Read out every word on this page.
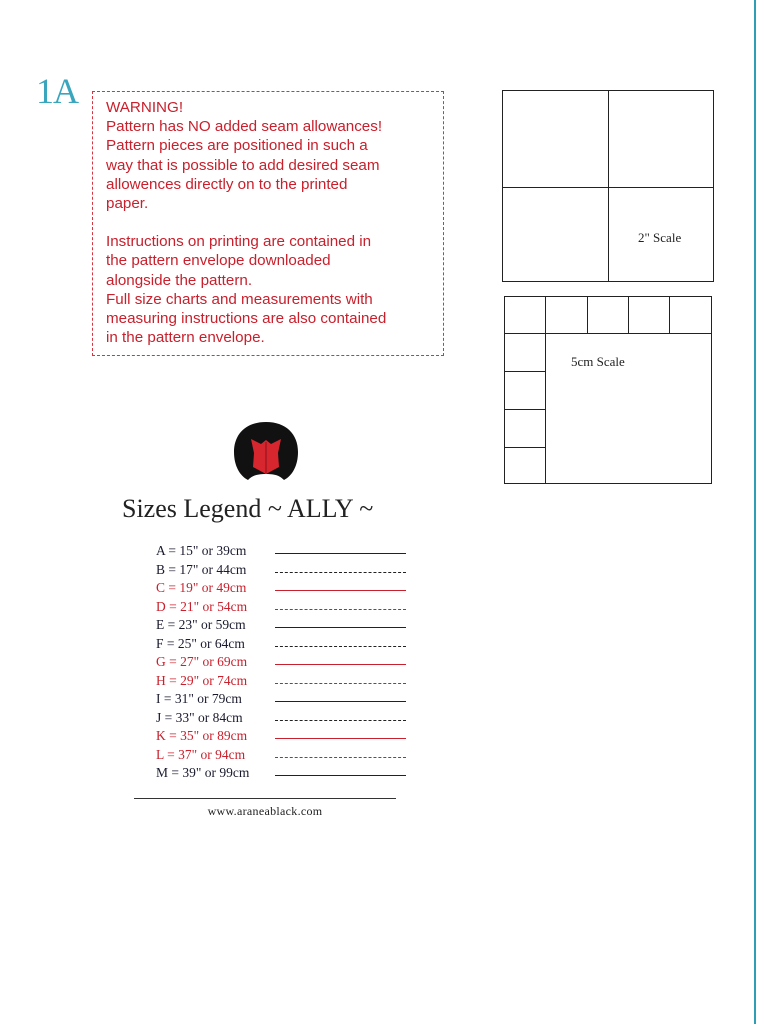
1A WARNING!

Pattern has NO added seam allowances!
Pattern pieces are positioned in such a
way that is possible to add desired seam
allowences directly on to the printed
paper.

Instructions on printing are contained in
the pattern envelope downloaded
alongside the pattern.
Full size charts and measurements with
measuring instructions are also contained
in the pattern envelope.

2" Scale
5cm Scale
Sizes Legend ~ ALLY ~
A = 15" or 39cm
B = 17" or 44cm
C = 19" or 49cm
D = 21" or 54cm
E = 23" or 59cm
F = 25" or 64cm
G = 27" or 69cm
H = 29" or 74cm
I = 31" or 79cm
J = 33" or 84cm
K = 35" or 89cm
L = 37" or 94cm
M = 39" or 99cm
www.araneablack.com
